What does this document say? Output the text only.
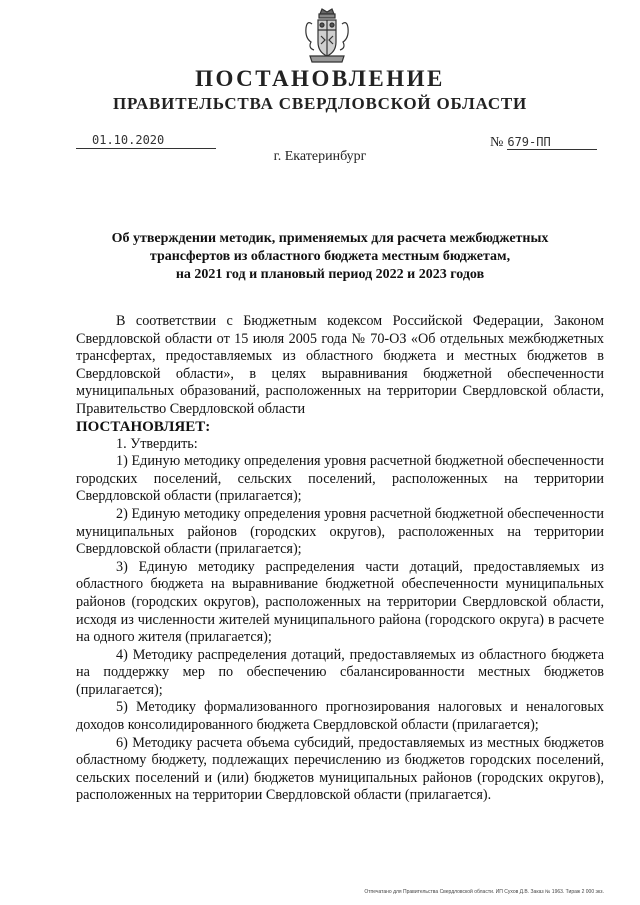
ПОСТАНОВЛЕНИЕ
ПРАВИТЕЛЬСТВА СВЕРДЛОВСКОЙ ОБЛАСТИ
01.10.2020	№ 679-ПП
г. Екатеринбург
Об утверждении методик, применяемых для расчета межбюджетных
трансфертов из областного бюджета местным бюджетам,
на 2021 год и плановый период 2022 и 2023 годов

В соответствии с Бюджетным кодексом Российской Федерации, Законом Свердловской области от 15 июля 2005 года № 70-ОЗ «Об отдельных межбюджетных трансфертах, предоставляемых из областного бюджета и местных бюджетов в Свердловской области», в целях выравнивания бюджетной обеспеченности муниципальных образований, расположенных на территории Свердловской области, Правительство Свердловской области

ПОСТАНОВЛЯЕТ:

1. Утвердить:

1) Единую методику определения уровня расчетной бюджетной обеспеченности городских поселений, сельских поселений, расположенных на территории Свердловской области (прилагается);

2) Единую методику определения уровня расчетной бюджетной обеспеченности муниципальных районов (городских округов), расположенных на территории Свердловской области (прилагается);

3) Единую методику распределения части дотаций, предоставляемых из областного бюджета на выравнивание бюджетной обеспеченности муниципальных районов (городских округов), расположенных на территории Свердловской области, исходя из численности жителей муниципального района (городского округа) в расчете на одного жителя (прилагается);

4) Методику распределения дотаций, предоставляемых из областного бюджета на поддержку мер по обеспечению сбалансированности местных бюджетов (прилагается);

5) Методику формализованного прогнозирования налоговых и неналоговых доходов консолидированного бюджета Свердловской области (прилагается);

6) Методику расчета объема субсидий, предоставляемых из местных бюджетов областному бюджету, подлежащих перечислению из бюджетов городских поселений, сельских поселений и (или) бюджетов муниципальных районов (городских округов), расположенных на территории Свердловской области (прилагается).

Отпечатано для Правительства Свердловской области. ИП Сухов Д.В. Заказ № 1963. Тираж 2 000 экз.
